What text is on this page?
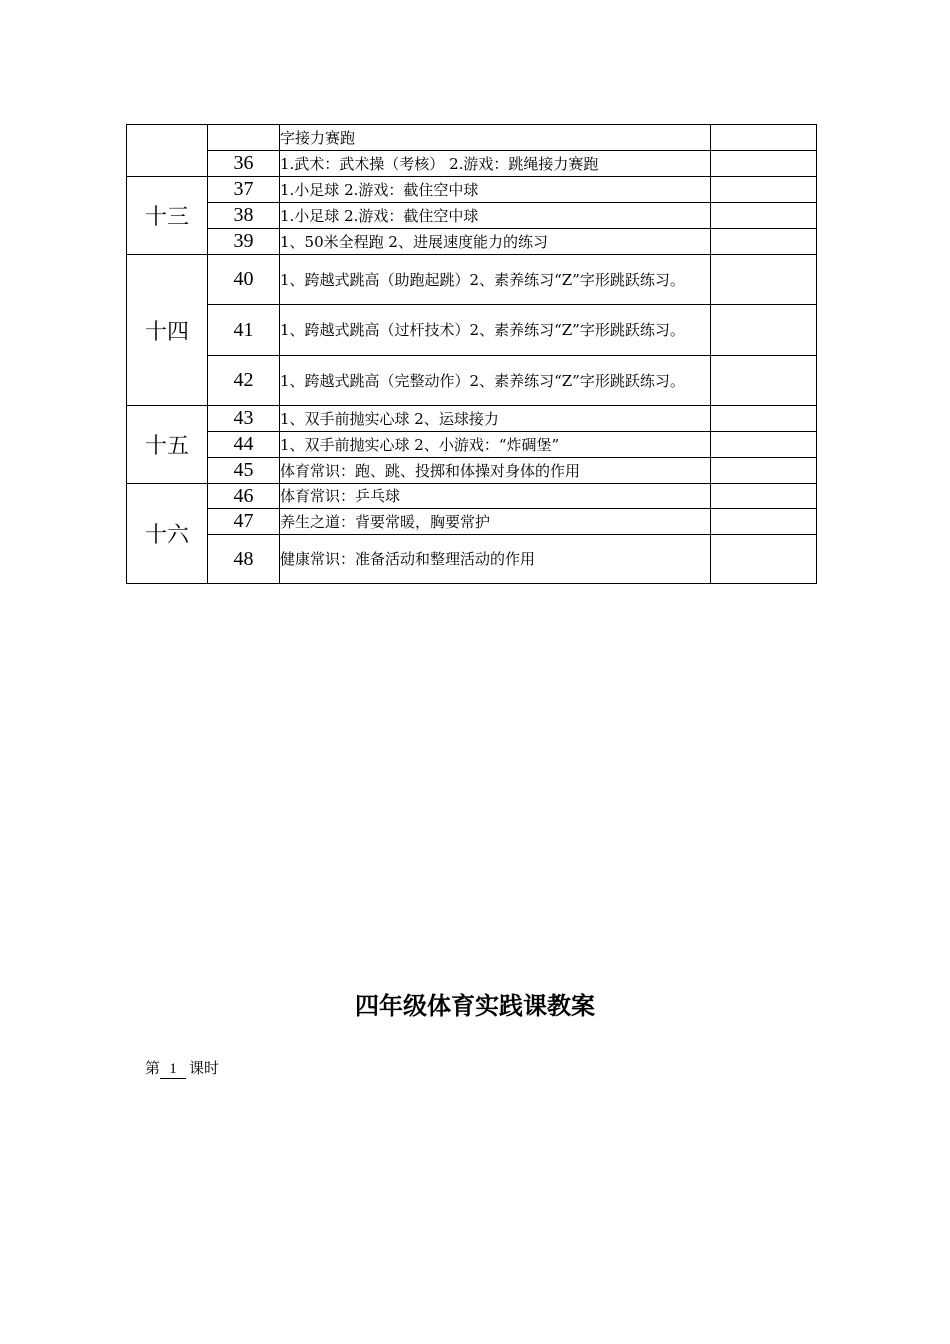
		字接力赛跑	
	36	1.武术：武术操（考核） 2.游戏：跳绳接力赛跑	
十三	37	1.小足球 2.游戏：截住空中球	
	38	1.小足球 2.游戏：截住空中球	
	39	1、50米全程跑 2、进展速度能力的练习	
十四	40	1、跨越式跳高（助跑起跳）2、素养练习“Z”字形跳跃练习。	
	41	1、跨越式跳高（过杆技术）2、素养练习“Z”字形跳跃练习。	
	42	1、跨越式跳高（完整动作）2、素养练习“Z”字形跳跃练习。	
十五	43	1、双手前抛实心球 2、运球接力	
	44	1、双手前抛实心球 2、小游戏：“炸碉堡”	
	45	体育常识：跑、跳、投掷和体操对身体的作用	
十六	46	体育常识：乒乓球	
	47	养生之道：背要常暖，胸要常护	
	48	健康常识：准备活动和整理活动的作用	
四年级体育实践课教案
第 1 课时
